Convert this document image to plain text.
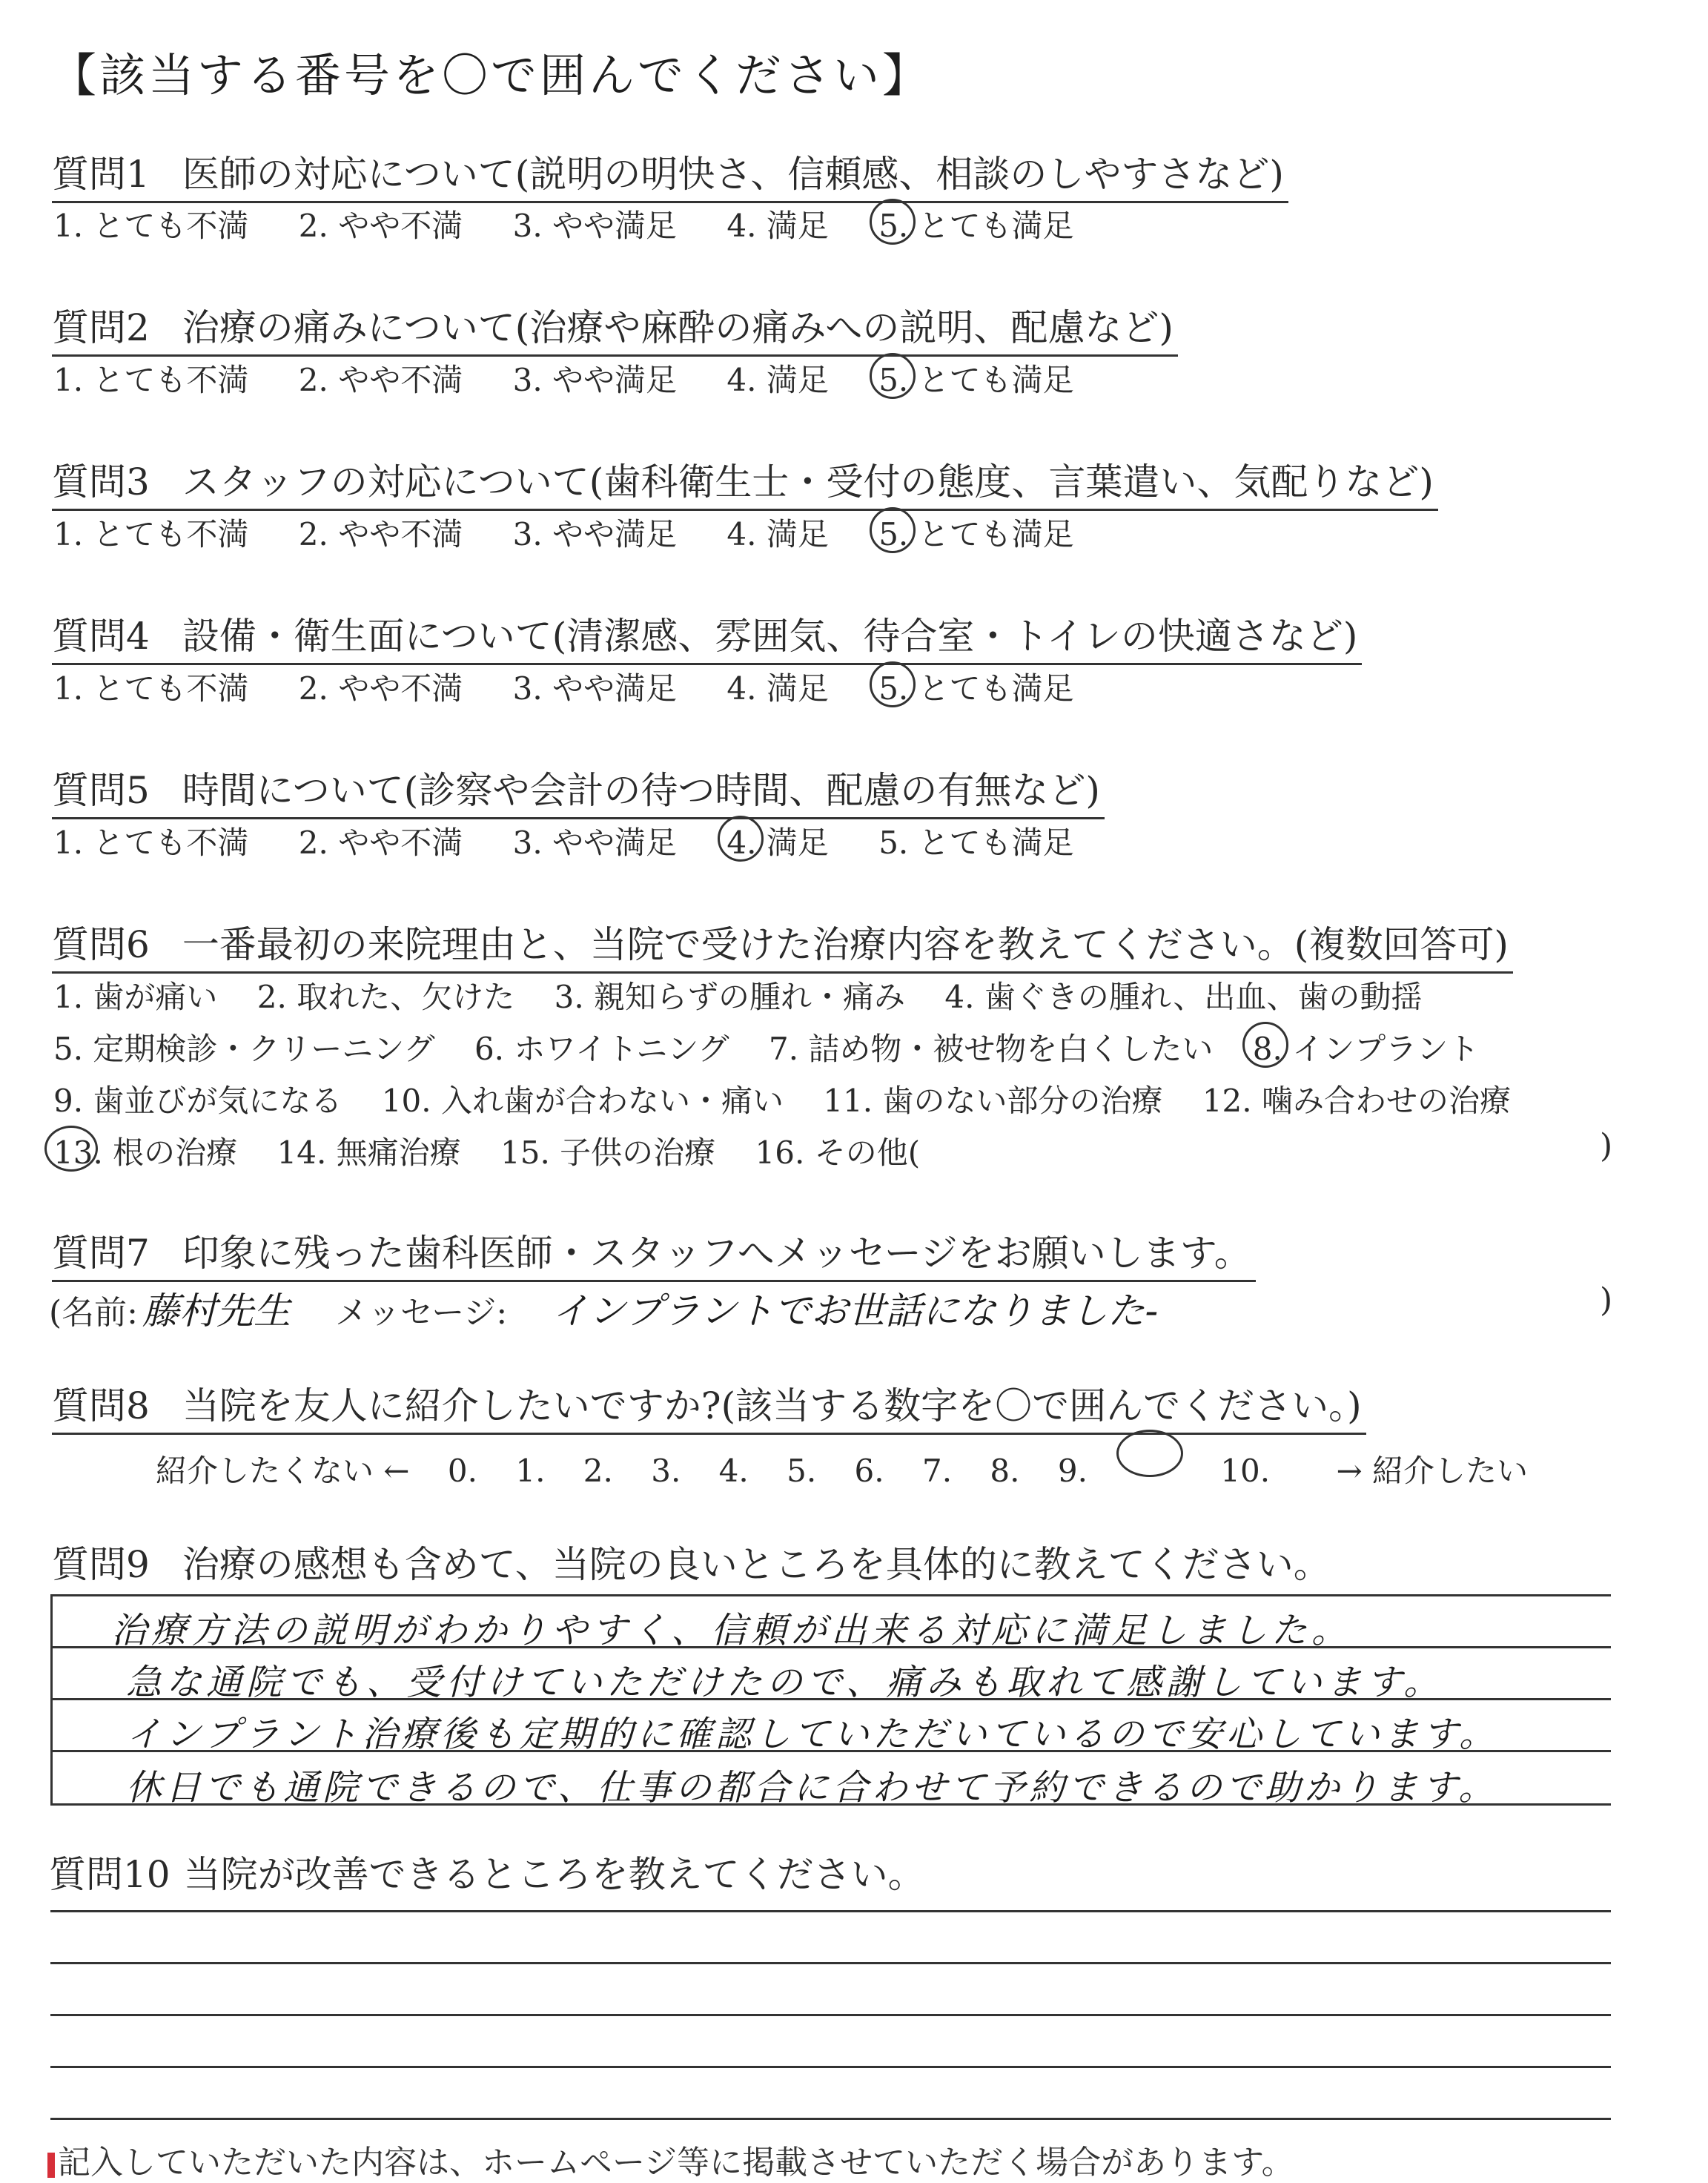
【該当する番号を〇で囲んでください】
質問1 医師の対応について(説明の明快さ、信頼感、相談のしやすさなど)
1. とても不満 2. やや不満 3. やや満足 4. 満足 5. とても満足
質問2 治療の痛みについて(治療や麻酔の痛みへの説明、配慮など)
1. とても不満 2. やや不満 3. やや満足 4. 満足 5. とても満足
質問3 スタッフの対応について(歯科衛生士・受付の態度、言葉遣い、気配りなど)
1. とても不満 2. やや不満 3. やや満足 4. 満足 5. とても満足
質問4 設備・衛生面について(清潔感、雰囲気、待合室・トイレの快適さなど)
1. とても不満 2. やや不満 3. やや満足 4. 満足 5. とても満足
質問5 時間について(診察や会計の待つ時間、配慮の有無など)
1. とても不満 2. やや不満 3. やや満足 4. 満足 5. とても満足
質問6 一番最初の来院理由と、当院で受けた治療内容を教えてください。(複数回答可)
1. 歯が痛い 2. 取れた、欠けた 3. 親知らずの腫れ・痛み 4. 歯ぐきの腫れ、出血、歯の動揺
5. 定期検診・クリーニング 6. ホワイトニング 7. 詰め物・被せ物を白くしたい 8. インプラント
9. 歯並びが気になる 10. 入れ歯が合わない・痛い 11. 歯のない部分の治療 12. 噛み合わせの治療
13. 根の治療 14. 無痛治療 15. 子供の治療 16. その他(	)
質問7 印象に残った歯科医師・スタッフへメッセージをお願いします。
(名前: 藤村先生 メッセージ: インプラントでお世話になりました-	)
質問8 当院を友人に紹介したいですか?(該当する数字を〇で囲んでください。)
紹介したくない ← 0. 1. 2. 3. 4. 5. 6. 7. 8. 9.	10. → 紹介したい
質問9 治療の感想も含めて、当院の良いところを具体的に教えてください。
治療方法の説明がわかりやすく、信頼が出来る対応に満足しました。
急な通院でも、受付けていただけたので、痛みも取れて感謝しています。
インプラント治療後も定期的に確認していただいているので安心しています。
休日でも通院できるので、仕事の都合に合わせて予約できるので助かります。
質問10 当院が改善できるところを教えてください。
記入していただいた内容は、ホームページ等に掲載させていただく場合があります。
